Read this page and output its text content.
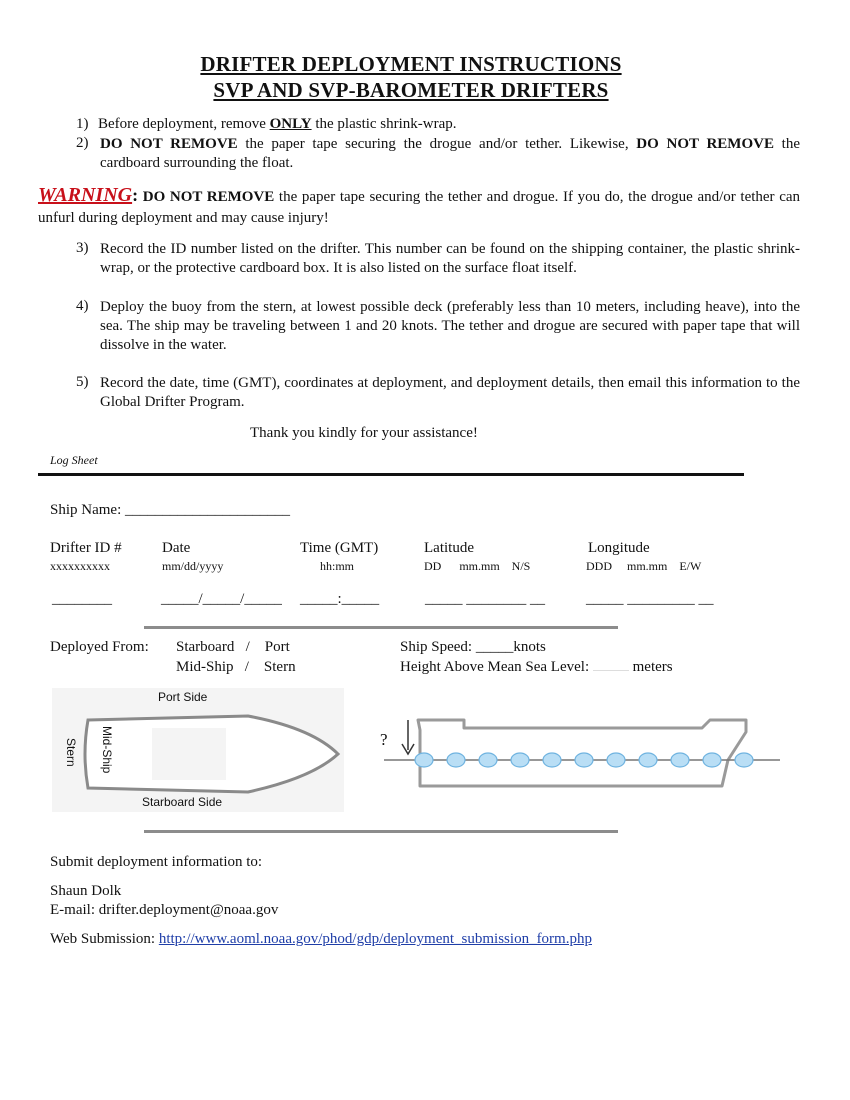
DRIFTER DEPLOYMENT INSTRUCTIONS
SVP AND SVP-BAROMETER DRIFTERS
1) Before deployment, remove ONLY the plastic shrink-wrap.
2) DO NOT REMOVE the paper tape securing the drogue and/or tether. Likewise, DO NOT REMOVE the cardboard surrounding the float.
WARNING: DO NOT REMOVE the paper tape securing the tether and drogue. If you do, the drogue and/or tether can unfurl during deployment and may cause injury!
3) Record the ID number listed on the drifter. This number can be found on the shipping container, the plastic shrink-wrap, or the protective cardboard box. It is also listed on the surface float itself.
4) Deploy the buoy from the stern, at lowest possible deck (preferably less than 10 meters, including heave), into the sea. The ship may be traveling between 1 and 20 knots. The tether and drogue are secured with paper tape that will dissolve in the water.
5) Record the date, time (GMT), coordinates at deployment, and deployment details, then email this information to the Global Drifter Program.
Thank you kindly for your assistance!
Log Sheet
Ship Name: ______________________
Drifter ID #	Date	Time (GMT)	Latitude	Longitude
xxxxxxxxxx	mm/dd/yyyy	hh:mm	DD      mm.mm    N/S	DDD     mm.mm    E/W
________	_____/_____/_____ _____:_____	_____ ________ __	_____ _________ __
Deployed From: Starboard   /    Port
Mid-Ship   /    Stern
Ship Speed: _____knots
Height Above Mean Sea Level:	meters
Port Side
Starboard Side
Stern Mid-Ship	?
Submit deployment information to:
Shaun Dolk
E-mail: drifter.deployment@noaa.gov
Web Submission: http://www.aoml.noaa.gov/phod/gdp/deployment_submission_form.php
